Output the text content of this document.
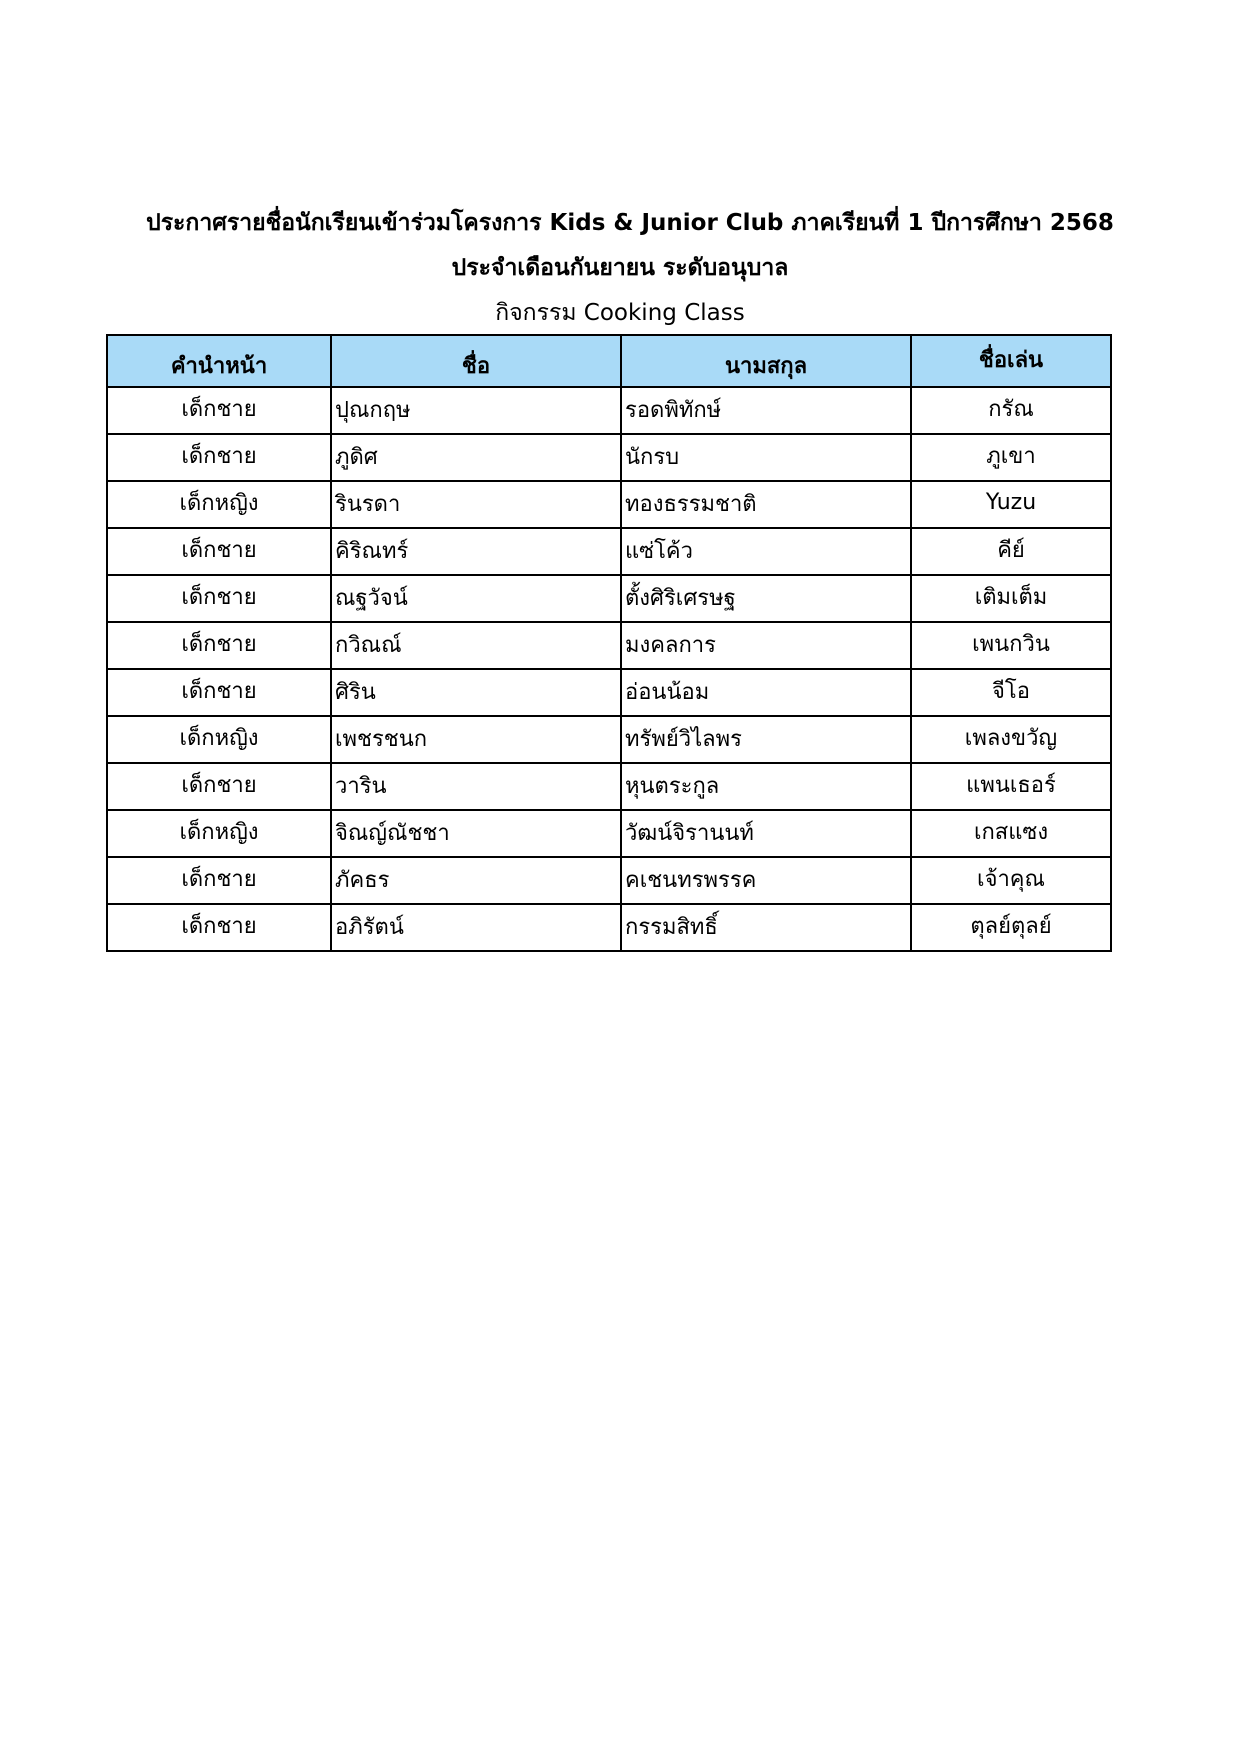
ประกาศรายชื่อนักเรียนเข้าร่วมโครงการ Kids & Junior Club ภาคเรียนที่ 1 ปีการศึกษา 2568
ประจำเดือนกันยายน ระดับอนุบาล
กิจกรรม Cooking Class
คำนำหน้า	ชื่อ	นามสกุล	ชื่อเล่น
เด็กชาย	ปุณกฤษ	รอดพิทักษ์	กรัณ
เด็กชาย	ภูดิศ	นักรบ	ภูเขา
เด็กหญิง	รินรดา	ทองธรรมชาติ	Yuzu
เด็กชาย	คิริณทร์	แซ่โค้ว	คีย์
เด็กชาย	ณฐวัจน์	ตั้งศิริเศรษฐ	เติมเต็ม
เด็กชาย	กวิณณ์	มงคลการ	เพนกวิน
เด็กชาย	ศิริน	อ่อนน้อม	จีโอ
เด็กหญิง	เพชรชนก	ทรัพย์วิไลพร	เพลงขวัญ
เด็กชาย	วาริน	หุนตระกูล	แพนเธอร์
เด็กหญิง	จิณญ์ณัชชา	วัฒน์จิรานนท์	เกสแซง
เด็กชาย	ภัคธร	คเชนทรพรรค	เจ้าคุณ
เด็กชาย	อภิรัตน์	กรรมสิทธิ์	ตุลย์ตุลย์
